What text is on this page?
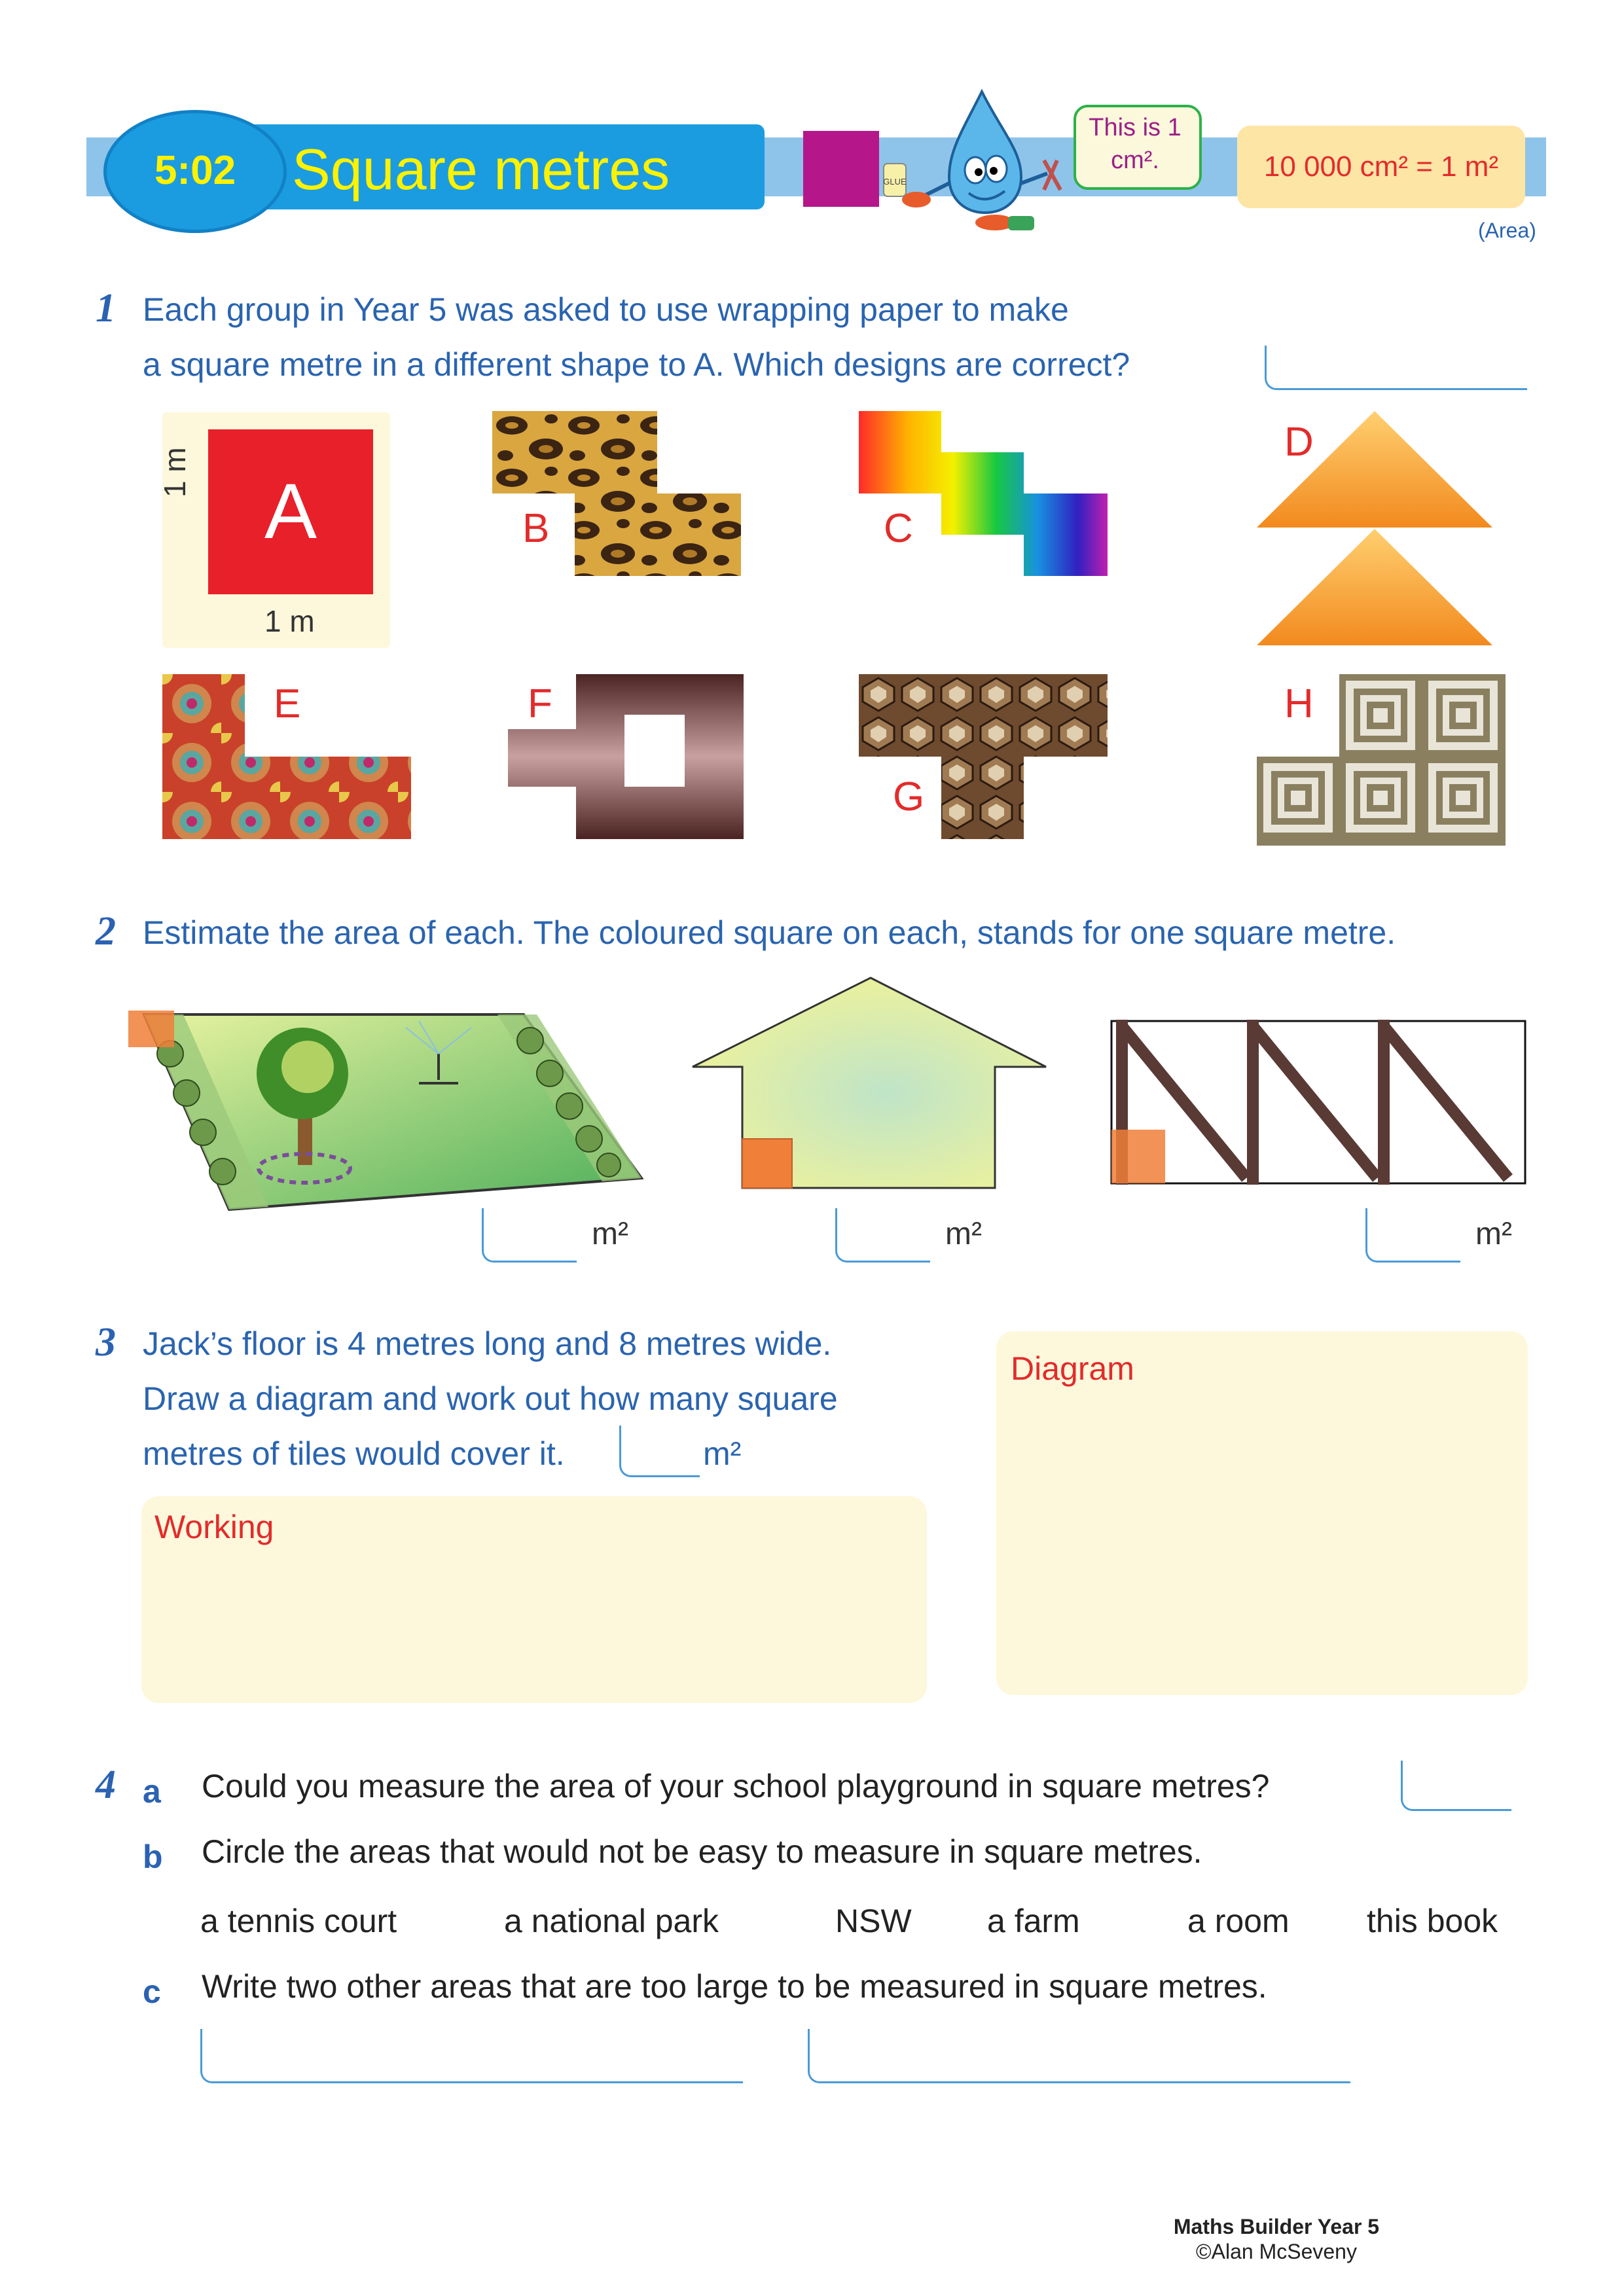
5:02 Square metres	GLUE
This is 1 cm².	10 000 cm² = 1 m²
(Area)
1 Each group in Year 5 was asked to use wrapping paper to make
a square metre in a different shape to A. Which designs are correct?
A
1 m
1 m
B	C
D
E	F
G
H
2 Estimate the area of each. The coloured square on each, stands for one square metre.
m²	m²	m²
3 Jack’s floor is 4 metres long and 8 metres wide.
Draw a diagram and work out how many square
metres of tiles would cover it.	m²
Working
Diagram
4 a Could you measure the area of your school playground in square metres?
b Circle the areas that would not be easy to measure in square metres.
a tennis court	a national park	NSW a farm	a room this book
c Write two other areas that are too large to be measured in square metres.
Maths Builder Year 5
©Alan McSeveny
